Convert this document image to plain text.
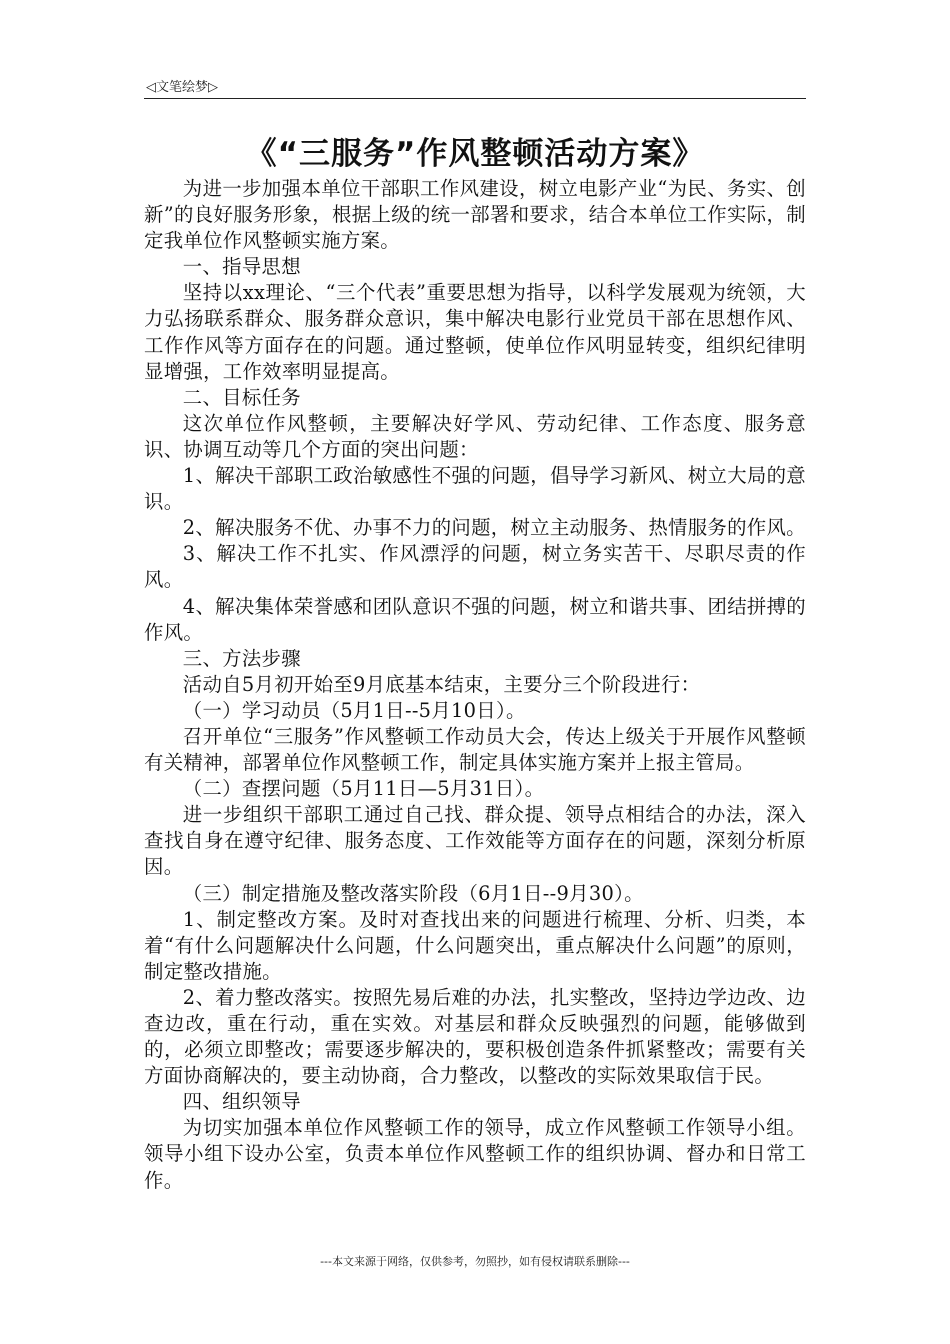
◁文笔绘梦▷
《“三服务”作风整顿活动方案》

为进一步加强本单位干部职工作风建设，树立电影产业“为民、务实、创新”的良好服务形象，根据上级的统一部署和要求，结合本单位工作实际，制定我单位作风整顿实施方案。

一、指导思想

坚持以xx理论、“三个代表”重要思想为指导，以科学发展观为统领，大力弘扬联系群众、服务群众意识，集中解决电影行业党员干部在思想作风、工作作风等方面存在的问题。通过整顿，使单位作风明显转变，组织纪律明显增强，工作效率明显提高。

二、目标任务

这次单位作风整顿，主要解决好学风、劳动纪律、工作态度、服务意识、协调互动等几个方面的突出问题：

1、解决干部职工政治敏感性不强的问题，倡导学习新风、树立大局的意识。

2、解决服务不优、办事不力的问题，树立主动服务、热情服务的作风。

3、解决工作不扎实、作风漂浮的问题，树立务实苦干、尽职尽责的作风。

4、解决集体荣誉感和团队意识不强的问题，树立和谐共事、团结拼搏的作风。

三、方法步骤

活动自5月初开始至9月底基本结束，主要分三个阶段进行：

（一）学习动员（5月1日--5月10日）。

召开单位“三服务”作风整顿工作动员大会，传达上级关于开展作风整顿有关精神，部署单位作风整顿工作，制定具体实施方案并上报主管局。

（二）查摆问题（5月11日—5月31日）。

进一步组织干部职工通过自己找、群众提、领导点相结合的办法，深入查找自身在遵守纪律、服务态度、工作效能等方面存在的问题，深刻分析原因。

（三）制定措施及整改落实阶段（6月1日--9月30）。

1、制定整改方案。及时对查找出来的问题进行梳理、分析、归类，本着“有什么问题解决什么问题，什么问题突出，重点解决什么问题”的原则，制定整改措施。

2、着力整改落实。按照先易后难的办法，扎实整改，坚持边学边改、边查边改，重在行动，重在实效。对基层和群众反映强烈的问题，能够做到的，必须立即整改；需要逐步解决的，要积极创造条件抓紧整改；需要有关方面协商解决的，要主动协商，合力整改，以整改的实际效果取信于民。

四、组织领导

为切实加强本单位作风整顿工作的领导，成立作风整顿工作领导小组。领导小组下设办公室，负责本单位作风整顿工作的组织协调、督办和日常工作。

---本文来源于网络，仅供参考，勿照抄，如有侵权请联系删除---
